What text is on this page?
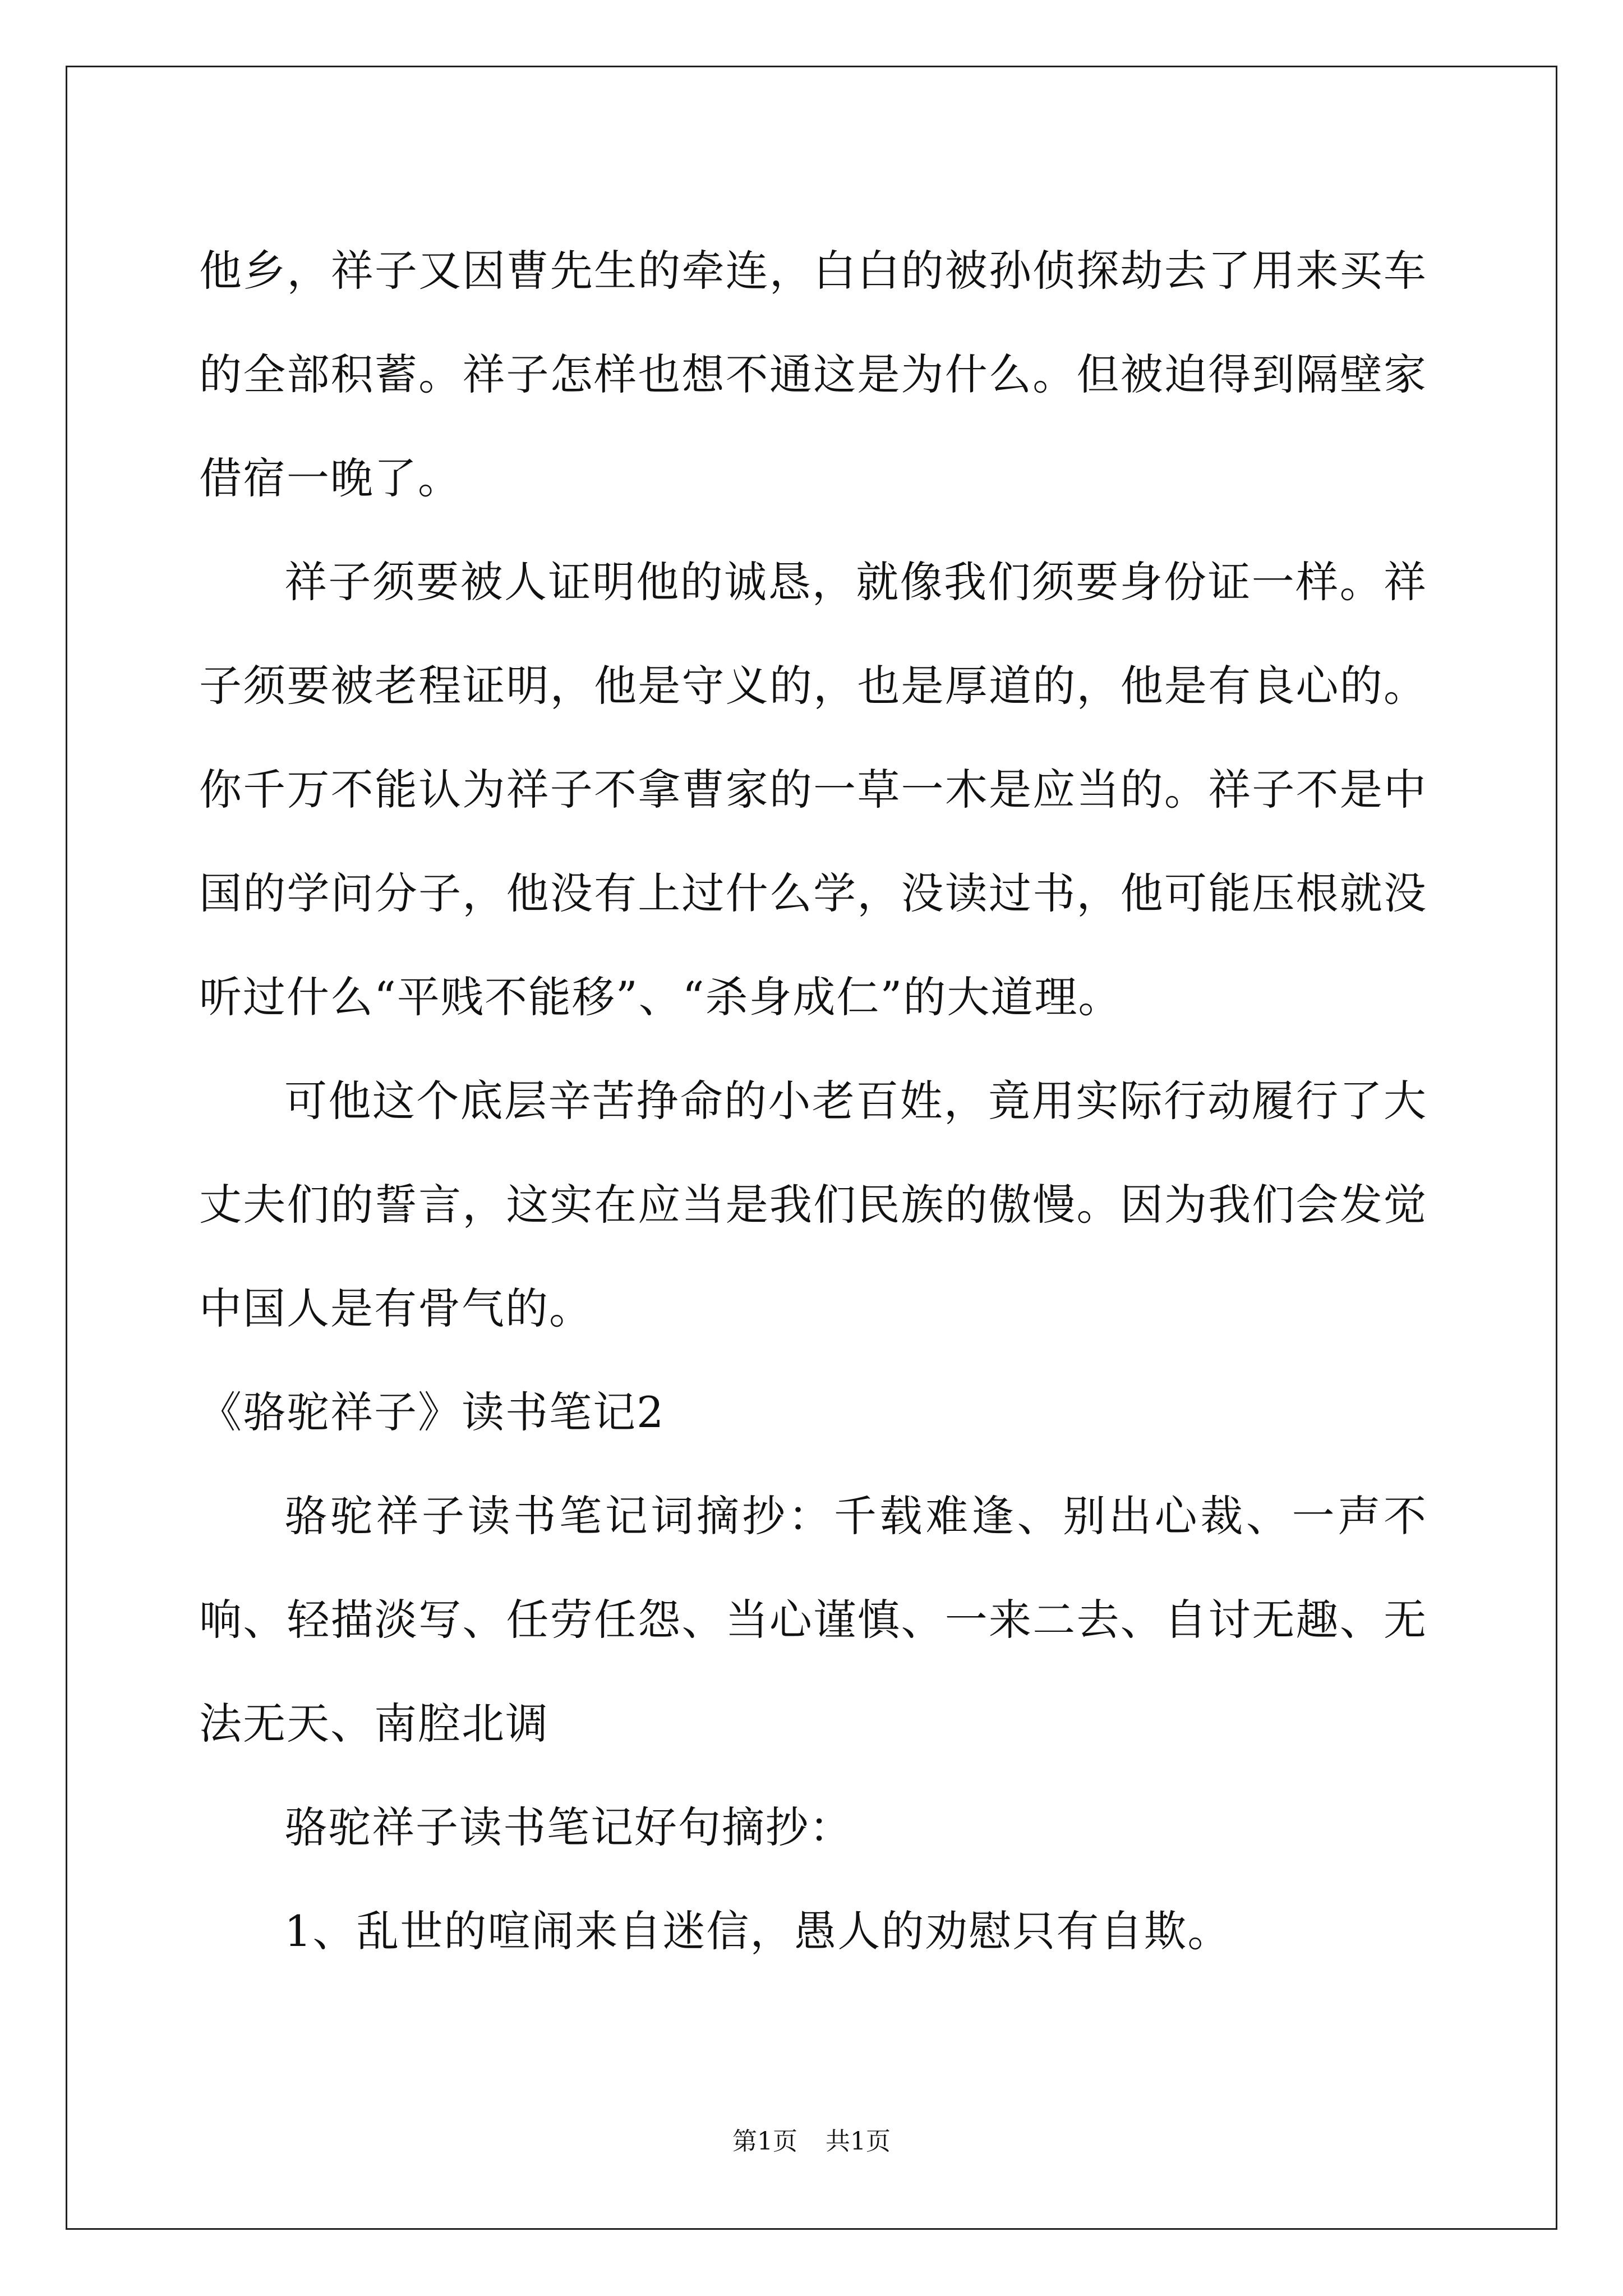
他乡，祥子又因曹先生的牵连，白白的被孙侦探劫去了用来买车的全部积蓄。祥子怎样也想不通这是为什么。但被迫得到隔壁家借宿一晚了。

祥子须要被人证明他的诚恳，就像我们须要身份证一样。祥子须要被老程证明，他是守义的，也是厚道的，他是有良心的。你千万不能认为祥子不拿曹家的一草一木是应当的。祥子不是中国的学问分子，他没有上过什么学，没读过书，他可能压根就没听过什么“平贱不能移”、“杀身成仁”的大道理。

可他这个底层辛苦挣命的小老百姓，竟用实际行动履行了大丈夫们的誓言，这实在应当是我们民族的傲慢。因为我们会发觉中国人是有骨气的。

《骆驼祥子》读书笔记2

骆驼祥子读书笔记词摘抄：千载难逢、别出心裁、一声不响、轻描淡写、任劳任怨、当心谨慎、一来二去、自讨无趣、无法无天、南腔北调

骆驼祥子读书笔记好句摘抄：

1、乱世的喧闹来自迷信，愚人的劝慰只有自欺。

第1页 共1页
